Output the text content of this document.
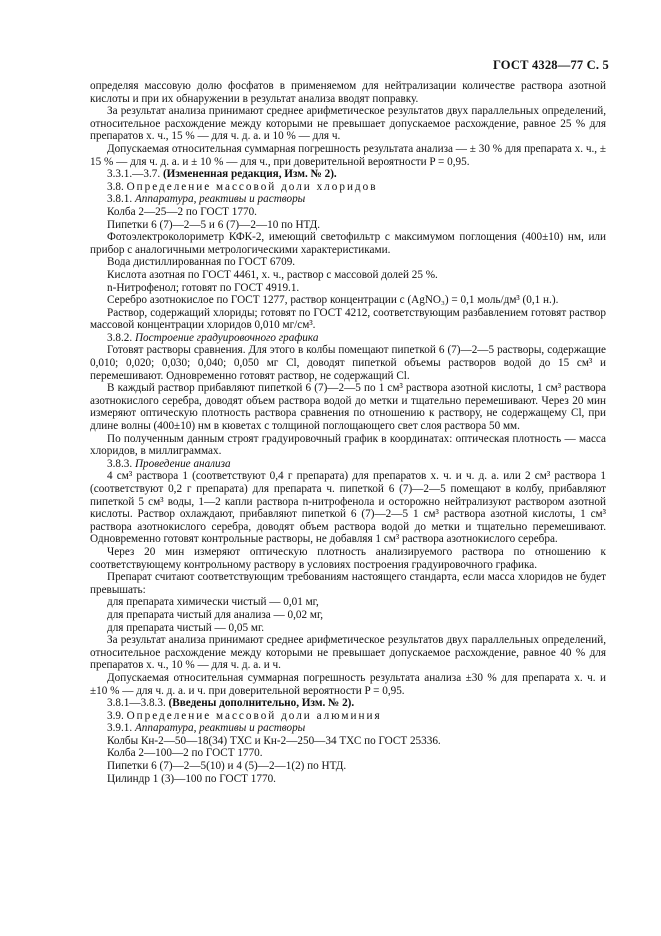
ГОСТ 4328—77 С. 5

определяя массовую долю фосфатов в применяемом для нейтрализации количестве раствора азотной кислоты и при их обнаружении в результат анализа вводят поправку.

За результат анализа принимают среднее арифметическое результатов двух параллельных определений, относительное расхождение между которыми не превышает допускаемое расхождение, равное 25 % для препаратов х. ч., 15 % — для ч. д. а. и 10 % — для ч.

Допускаемая относительная суммарная погрешность результата анализа — ± 30 % для препарата х. ч., ± 15 % — для ч. д. а. и ± 10 % — для ч., при доверительной вероятности P = 0,95.

3.3.1.—3.7. (Измененная редакция, Изм. № 2).

3.8. Определение массовой доли хлоридов

3.8.1. Аппаратура, реактивы и растворы

Колба 2—25—2 по ГОСТ 1770.

Пипетки 6 (7)—2—5 и 6 (7)—2—10 по НТД.

Фотоэлектроколориметр КФК-2, имеющий светофильтр с максимумом поглощения (400±10) нм, или прибор с аналогичными метрологическими характеристиками.

Вода дистиллированная по ГОСТ 6709.

Кислота азотная по ГОСТ 4461, х. ч., раствор с массовой долей 25 %.

n-Нитрофенол; готовят по ГОСТ 4919.1.

Серебро азотнокислое по ГОСТ 1277, раствор концентрации c (AgNO₃) = 0,1 моль/дм³ (0,1 н.).

Раствор, содержащий хлориды; готовят по ГОСТ 4212, соответствующим разбавлением готовят раствор массовой концентрации хлоридов 0,010 мг/см³.

3.8.2. Построение градуировочного графика

Готовят растворы сравнения. Для этого в колбы помещают пипеткой 6 (7)—2—5 растворы, содержащие 0,010; 0,020; 0,030; 0,040; 0,050 мг Cl, доводят пипеткой объемы растворов водой до 15 см³ и перемешивают. Одновременно готовят раствор, не содержащий Cl.

В каждый раствор прибавляют пипеткой 6 (7)—2—5 по 1 см³ раствора азотной кислоты, 1 см³ раствора азотнокислого серебра, доводят объем раствора водой до метки и тщательно перемешивают. Через 20 мин измеряют оптическую плотность раствора сравнения по отношению к раствору, не содержащему Cl, при длине волны (400±10) нм в кюветах с толщиной поглощающего свет слоя раствора 50 мм.

По полученным данным строят градуировочный график в координатах: оптическая плотность — масса хлоридов, в миллиграммах.

3.8.3. Проведение анализа

4 см³ раствора 1 (соответствуют 0,4 г препарата) для препаратов х. ч. и ч. д. а. или 2 см³ раствора 1 (соответствуют 0,2 г препарата) для препарата ч. пипеткой 6 (7)—2—5 помещают в колбу, прибавляют пипеткой 5 см³ воды, 1—2 капли раствора n-нитрофенола и осторожно нейтрализуют раствором азотной кислоты. Раствор охлаждают, прибавляют пипеткой 6 (7)—2—5 1 см³ раствора азотной кислоты, 1 см³ раствора азотнокислого серебра, доводят объем раствора водой до метки и тщательно перемешивают. Одновременно готовят контрольные растворы, не добавляя 1 см³ раствора азотнокислого серебра.

Через 20 мин измеряют оптическую плотность анализируемого раствора по отношению к соответствующему контрольному раствору в условиях построения градуировочного графика.

Препарат считают соответствующим требованиям настоящего стандарта, если масса хлоридов не будет превышать:

для препарата химически чистый — 0,01 мг,

для препарата чистый для анализа — 0,02 мг,

для препарата чистый — 0,05 мг.

За результат анализа принимают среднее арифметическое результатов двух параллельных определений, относительное расхождение между которыми не превышает допускаемое расхождение, равное 40 % для препаратов х. ч., 10 % — для ч. д. а. и ч.

Допускаемая относительная суммарная погрешность результата анализа ±30 % для препарата х. ч. и ±10 % — для ч. д. а. и ч. при доверительной вероятности P = 0,95.

3.8.1—3.8.3. (Введены дополнительно, Изм. № 2).

3.9. Определение массовой доли алюминия

3.9.1. Аппаратура, реактивы и растворы

Колбы Кн-2—50—18(34) ТХС и Кн-2—250—34 ТХС по ГОСТ 25336.

Колба 2—100—2 по ГОСТ 1770.

Пипетки 6 (7)—2—5(10) и 4 (5)—2—1(2) по НТД.

Цилиндр 1 (3)—100 по ГОСТ 1770.
